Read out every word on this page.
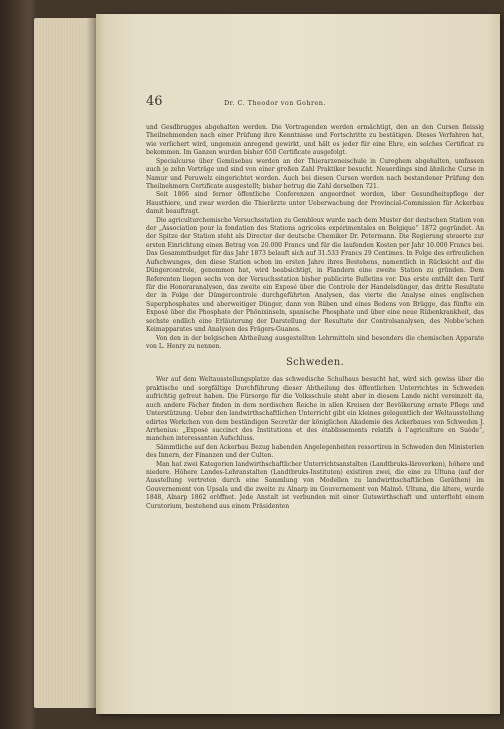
46	Dr. C. Theodor von Gohren.

und Gesdbrugges abgehalten werden. Die Vortragenden werden ermächtigt, den an den Cursen fleissig Theilnehmenden nach einer Prüfung ihre Kenntnisse und Fortschritte zu bestätigen. Dieses Verfahren hat, wie verlichert wird, ungemein anregend gewirkt, und hält es jeder für eine Ehre, ein solches Certificat zu bekommen. Im Ganzen wurden bisher 650 Certificate ausgefolgt.

Specialcurse über Gemüsebau werden an der Thierarzeneischule in Cureghem abgehalten, umfassen auch je zehn Vorträge und sind von einer großen Zahl Praktiker besucht. Neuerdings sind ähnliche Curse in Namur und Peruwelz eingerichtet worden. Auch bei diesen Cursen werden nach bestandener Prüfung den Theilnehmern Certificate ausgestellt; bisher betrug die Zahl derselben 721.

Seit 1866 sind ferner öffentliche Conferenzen angeordnet worden, über Gesundheitspflege der Hausthiere, und zwar werden die Thierärzte unter Ueberwachung der Provincial-Commission für Ackerbau damit beauftragt.

Die agriculturchemische Versuchsstation zu Gembloux wurde nach dem Muster der deutschen Station von der „Association pour la fondation des Stations agricoles expérimentales en Belgique“ 1872 gegründet. An der Spitze der Station steht als Director der deutsche Chemiker Dr. Petermann. Die Regierung steuerte zur ersten Einrichtung einen Betrag von 20.000 Francs und für die laufenden Kosten per Jahr 10.000 Francs bei. Das Gesammtbudget für das Jahr 1873 belauft sich auf 31.533 Francs 29 Centimes. In Folge des erfreulichen Aufschwunges, den diese Station schon im ersten Jahre ihres Bestehens, namentlich in Rücksicht auf die Düngercontrole, genommen hat, wird beabsichtigt, in Flandern eine zweite Station zu gründen. Dem Referenten liegen sechs von der Versuchsstation bisher publicirte Bulletins vor. Das erste enthält den Tarif für die Honoraranalysen, das zweite ein Exposé über die Controle der Handelsdünger, das dritte Resultate der in Folge der Düngercontrole durchgeführten Analysen, das vierte die Analyse eines englischen Superphosphates und aberweitiger Dünger, dann von Rüben und eines Bodens von Brügge, das fünfte ein Exposé über die Phosphate der Phönixinseln, spanische Phosphate und über eine neue Rübenkrankheit, das sechste endlich eine Erläuterung der Darstellung der Resultate der Controlsanalysen, des Nobbe’schen Keimapparates und Analysen des Frägers-Guanos.

Von den in der belgischen Abtheilung ausgestellten Lehrmitteln sind besonders die chemischen Apparate von L. Henry zu nennen.

Schweden.

Wer auf dem Weltausstellungsplatze das schwedische Schulhaus besucht hat, wird sich gewiss über die praktische und sorgfältige Durchführung dieser Abtheilung des öffentlichen Unterrichtes in Schweden aufrichtig gefreut haben. Die Fürsorge für die Volksschule steht aber in diesem Lande nicht vereinzelt da, auch andere Fächer finden in dem nordischen Reiche in allen Kreisen der Bevölkerung ernste Pflege und Unterstützung. Ueber den landwirthschaftlichen Unterricht gibt ein kleines gelegentlich der Weltausstellung edirtes Werkchen von dem beständigen Secretär der königlichen Akademie des Ackerbaues von Schweden J. Arrhenius: „Exposé succinct des Institutions et des établissements relatifs à l’agriculture en Suède“, manchen interessanten Aufschluss.

Sämmtliche auf den Ackerbau Bezug habenden Angelegenheiten ressortiren in Schweden den Ministerien des Innern, der Finanzen und der Culten.

Man hat zwei Kategorien landwirthschaftlicher Unterrichtsanstalten (Landtbruks-läroverken), höhere und niedere. Höhere Landes-Lehranstalten (Landtbruks-Instituten) existiren zwei, die eine zu Ultuna (auf der Ausstellung vertreten durch eine Sammlung von Modellen zu landwirthschaftlichen Geräthen) im Gouvernement von Upsala und die zweite zu Alnarp im Gouvernement von Malmö. Ultuna, die ältere, wurde 1848, Alnarp 1862 eröffnet. Jede Anstalt ist verbunden mit einer Gutswirthschaft und unterfteht einem Curatorium, bestehend aus einem Präsidenten
